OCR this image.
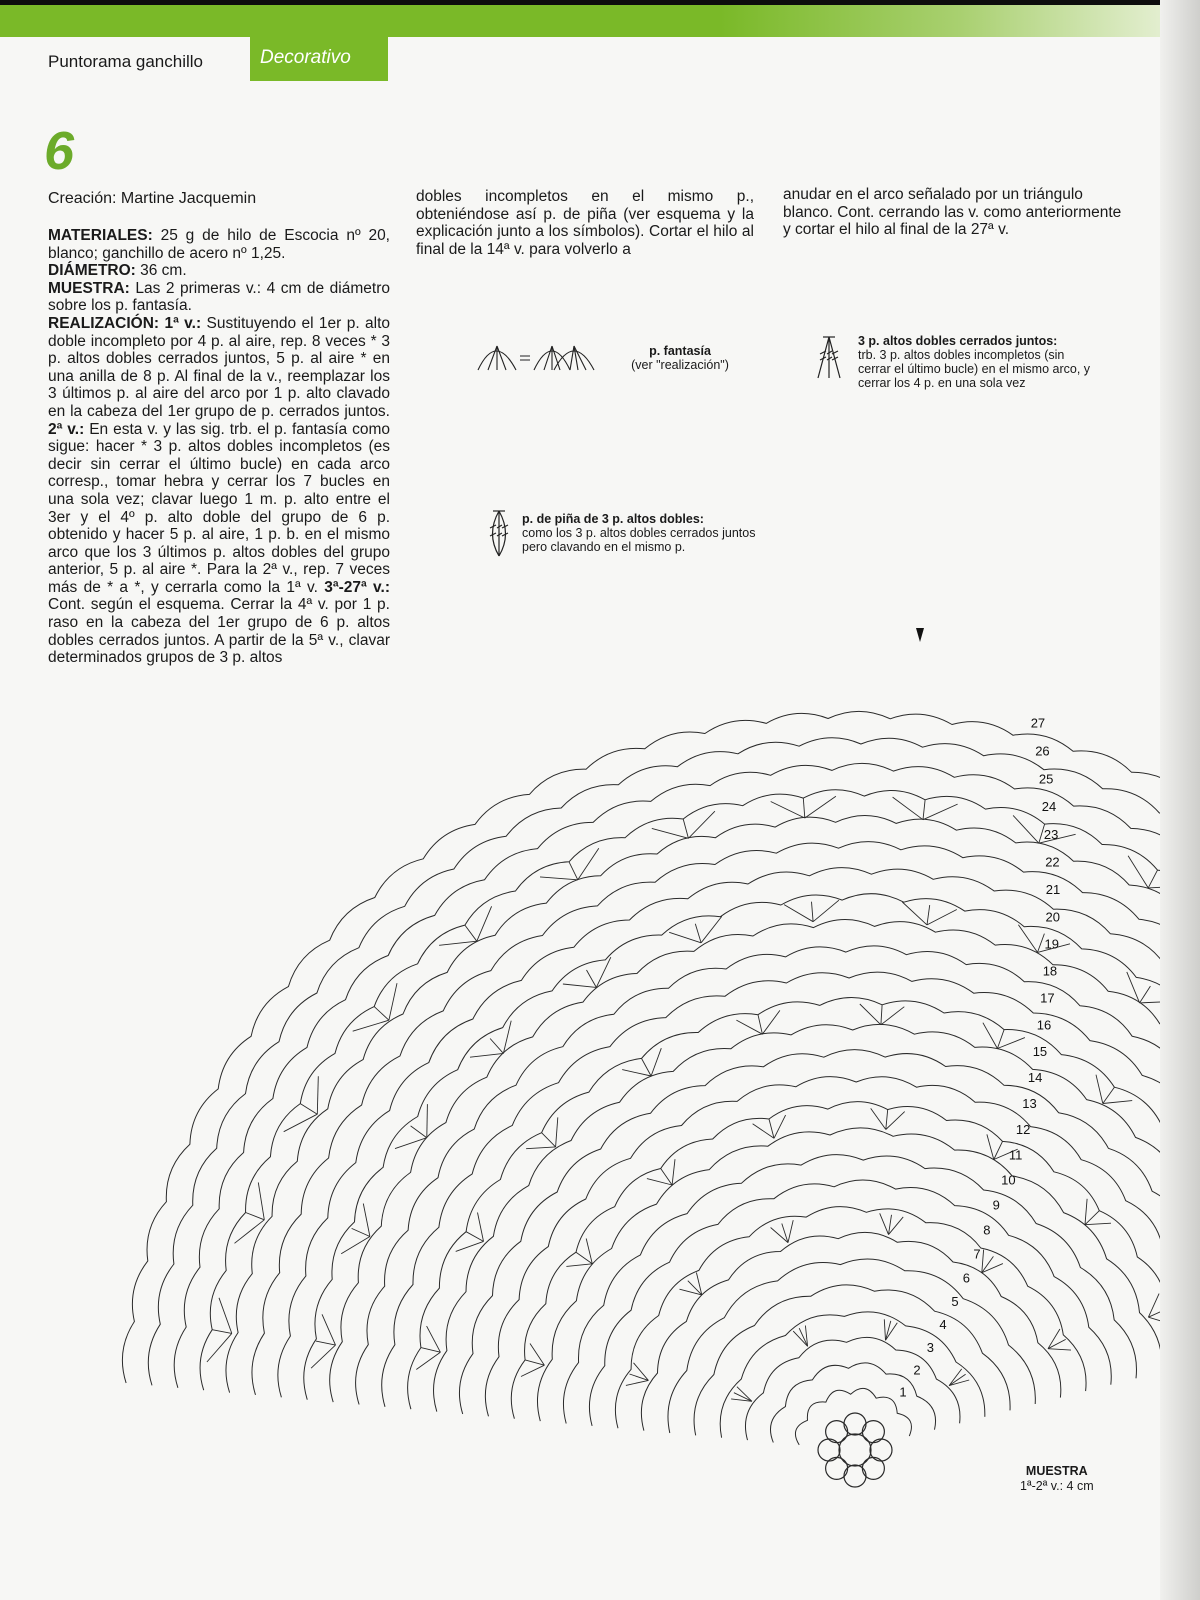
Puntorama ganchillo	Decorativo
6
Creación: Martine Jacquemin

MATERIALES: 25 g de hilo de Escocia nº 20, blanco; ganchillo de acero nº 1,25.

DIÁMETRO: 36 cm.

MUESTRA: Las 2 primeras v.: 4 cm de diámetro sobre los p. fantasía.

REALIZACIÓN: 1ª v.: Sustituyendo el 1er p. alto doble incompleto por 4 p. al aire, rep. 8 veces * 3 p. altos dobles cerrados juntos, 5 p. al aire * en una anilla de 8 p. Al final de la v., reemplazar los 3 últimos p. al aire del arco por 1 p. alto clavado en la cabeza del 1er grupo de p. cerrados juntos. 2ª v.: En esta v. y las sig. trb. el p. fantasía como sigue: hacer * 3 p. altos dobles incompletos (es decir sin cerrar el último bucle) en cada arco corresp., tomar hebra y cerrar los 7 bucles en una sola vez; clavar luego 1 m. p. alto entre el 3er y el 4º p. alto doble del grupo de 6 p. obtenido y hacer 5 p. al aire, 1 p. b. en el mismo arco que los 3 últimos p. altos dobles del grupo anterior, 5 p. al aire *. Para la 2ª v., rep. 7 veces más de * a *, y cerrarla como la 1ª v. 3ª-27ª v.: Cont. según el esquema. Cerrar la 4ª v. por 1 p. raso en la cabeza del 1er grupo de 6 p. altos dobles cerrados juntos. A partir de la 5ª v., clavar determinados grupos de 3 p. altos

dobles incompletos en el mismo p., obteniéndose así p. de piña (ver esquema y la explicación junto a los símbolos). Cortar el hilo al final de la 14ª v. para volverlo a

anudar en el arco señalado por un triángulo blanco. Cont. cerrando las v. como anteriormente y cortar el hilo al final de la 27ª v.

p. fantasía
(ver "realización")
3 p. altos dobles cerrados juntos:
trb. 3 p. altos dobles incompletos (sin cerrar el último bucle) en el mismo arco, y cerrar los 4 p. en una sola vez
p. de piña de 3 p. altos dobles:
como los 3 p. altos dobles cerrados juntos pero clavando en el mismo p.
1
2
3
4
5
6
7
8
9
10
11
12
13
14
15
16
17
18
19
20
21
22
23
24
25
26
27
MUESTRA
1ª-2ª v.: 4 cm
